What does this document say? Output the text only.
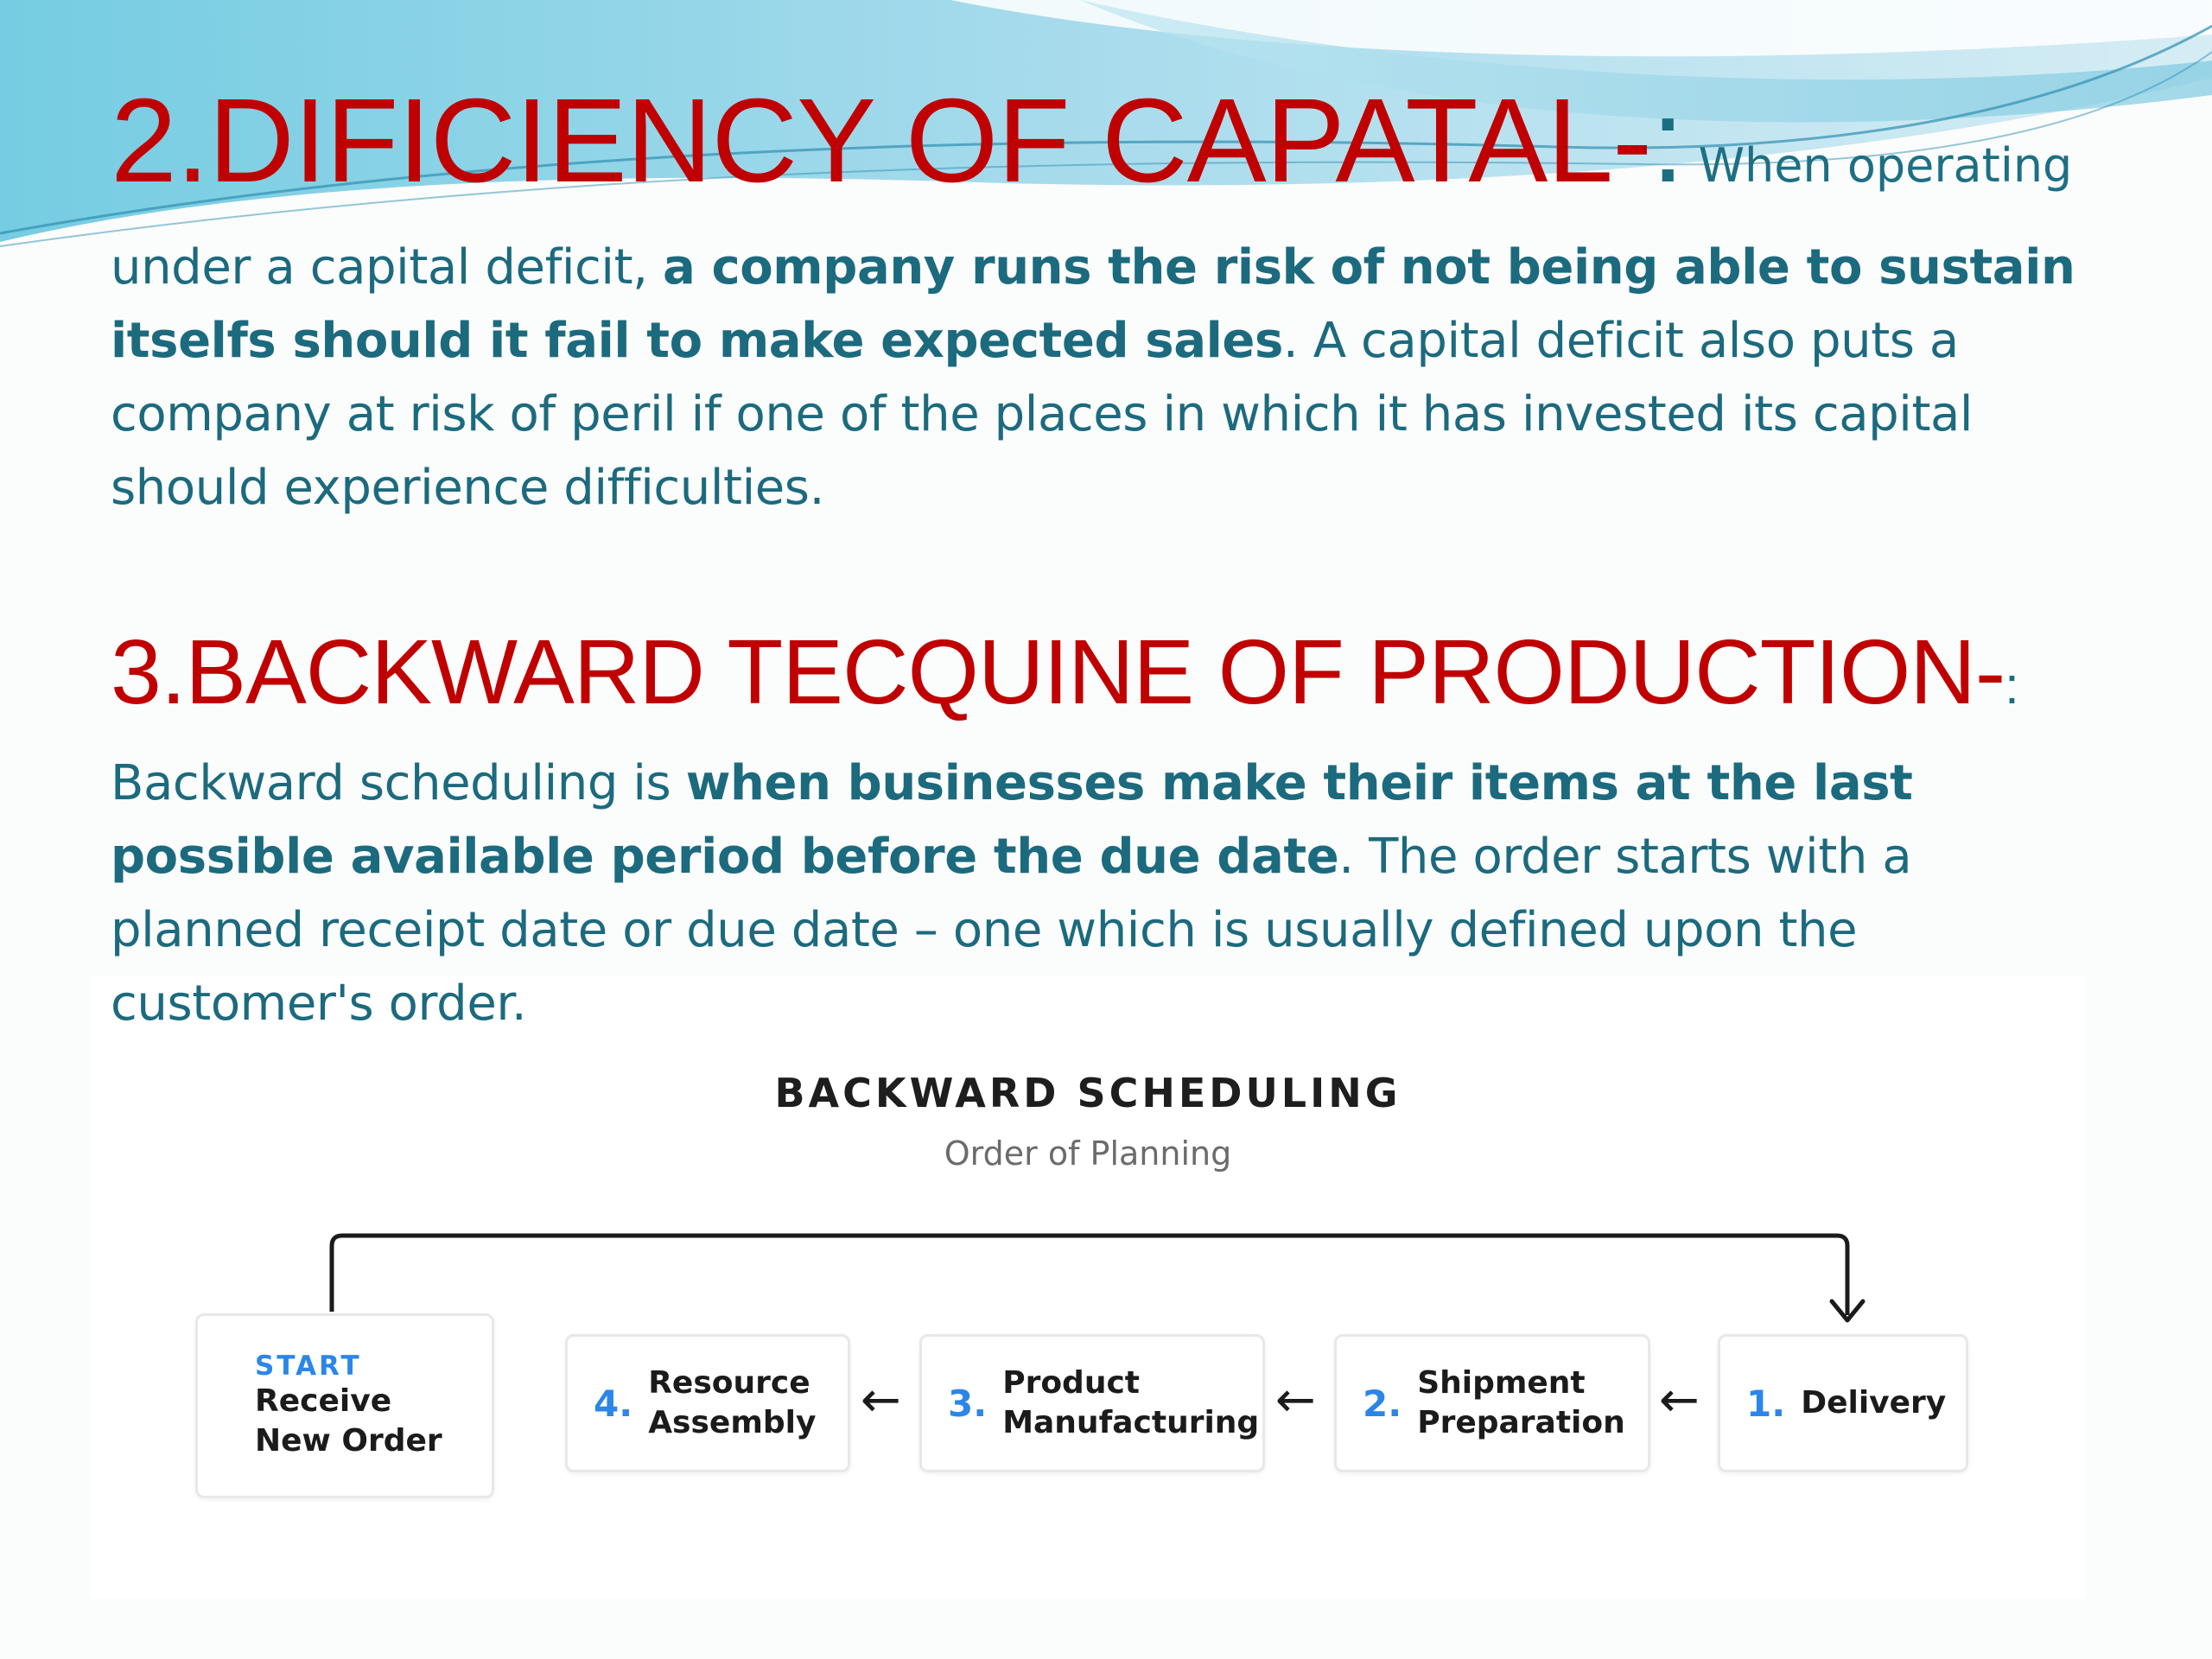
2.DIFICIENCY OF CAPATAL-: When operating
under a capital deficit, a company runs the risk of not being able to sustain itselfs should it fail to make expected sales. A capital deficit also puts a company at risk of peril if one of the places in which it has invested its capital should experience difficulties.
3.BACKWARD TECQUINE OF PRODUCTION-:
Backward scheduling is when businesses make their items at the last possible available period before the due date. The order starts with a planned receipt date or due date – one which is usually defined upon the customer's order.
BACKWARD SCHEDULING
Order of Planning
START
Receive
New Order
4. Resource
Assembly ← 3. Product
Manufacturing ← 2. Shipment
Preparation ← 1. Delivery
